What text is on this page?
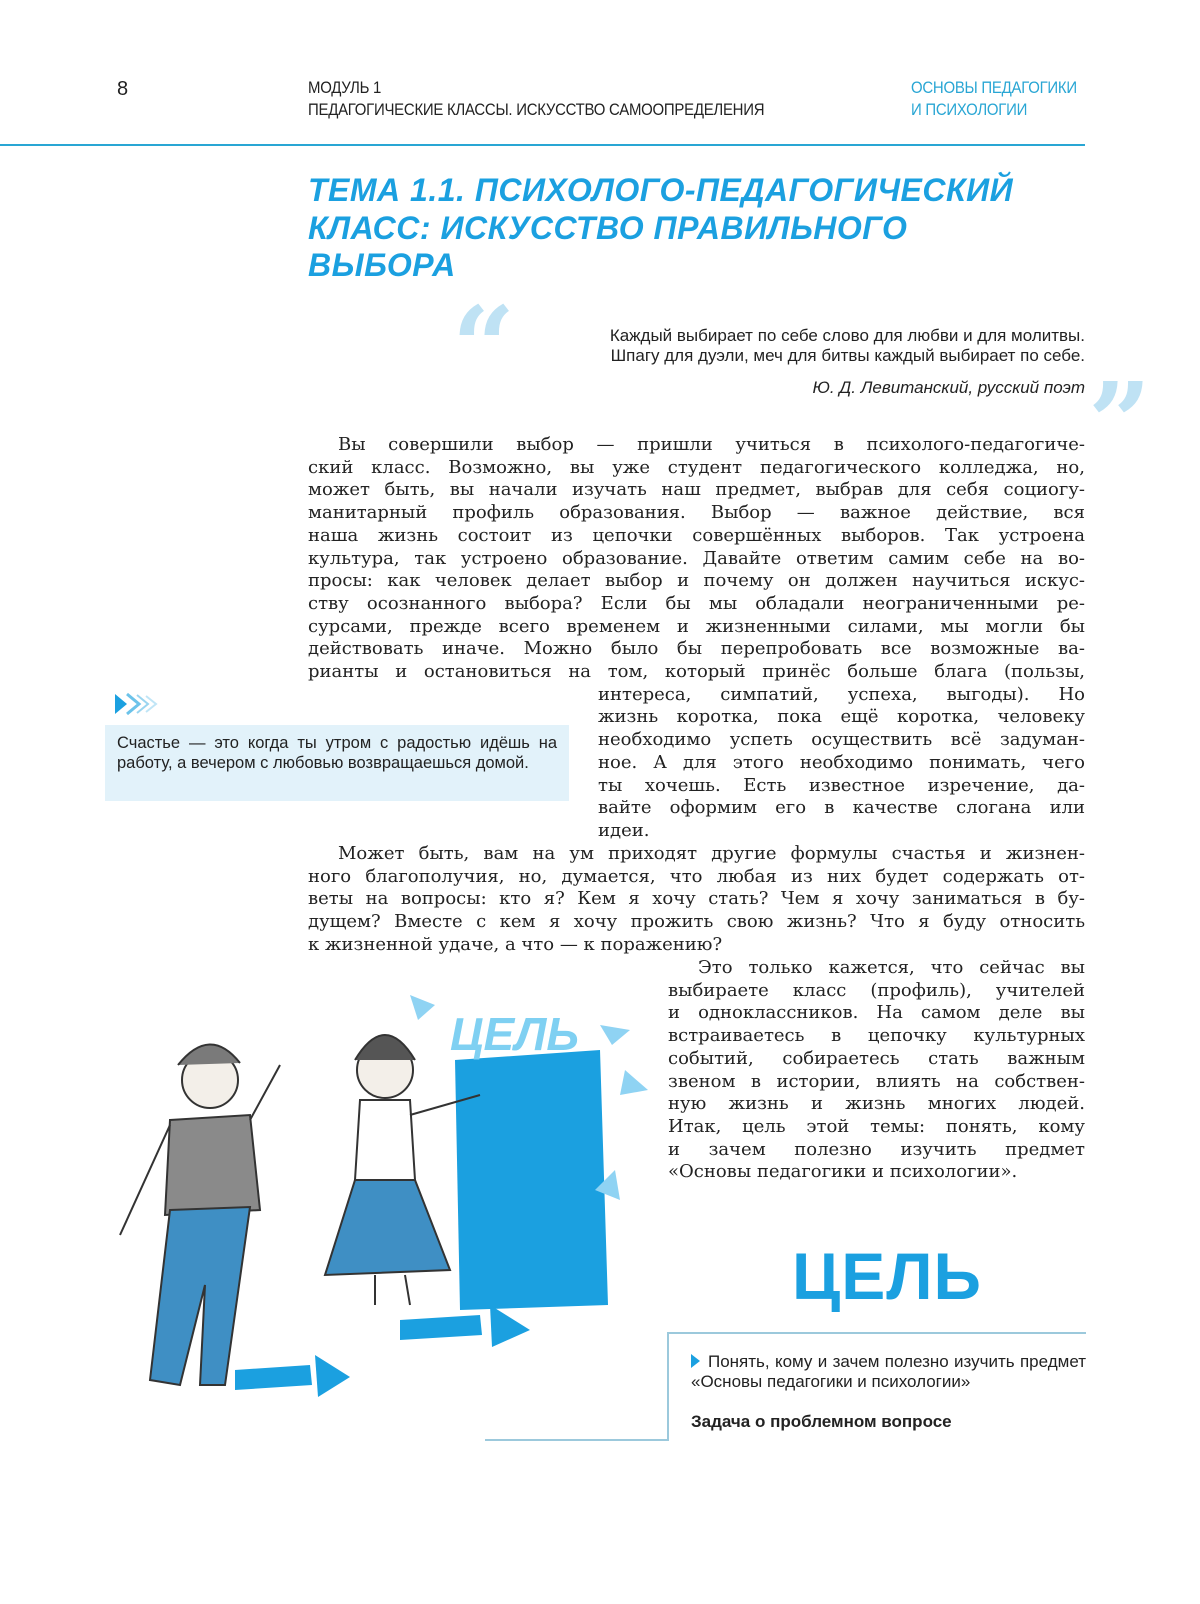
8	МОДУЛЬ 1
ПЕДАГОГИЧЕСКИЕ КЛАССЫ. ИСКУССТВО САМООПРЕДЕЛЕНИЯ
ОСНОВЫ ПЕДАГОГИКИ
И ПСИХОЛОГИИ
ТЕМА 1.1. ПСИХОЛОГО-ПЕДАГОГИЧЕСКИЙ
КЛАСС: ИСКУССТВО ПРАВИЛЬНОГО
ВЫБОРА
“
”
Каждый выбирает по себе слово для любви и для молитвы.
Шпагу для дуэли, меч для битвы каждый выбирает по себе.
Ю. Д. Левитанский, русский поэт
Вы совершили выбор — пришли учиться в психолого-педагогиче-
ский класс. Возможно, вы уже студент педагогического колледжа, но,
может быть, вы начали изучать наш предмет, выбрав для себя социогу-
манитарный профиль образования. Выбор — важное действие, вся
наша жизнь состоит из цепочки совершённых выборов. Так устроена
культура, так устроено образование. Давайте ответим самим себе на во-
просы: как человек делает выбор и почему он должен научиться искус-
ству осознанного выбора? Если бы мы обладали неограниченными ре-
сурсами, прежде всего временем и жизненными силами, мы могли бы
действовать иначе. Можно было бы перепробовать все возможные ва-
рианты и остановиться на том, который принёс больше блага (пользы,
интереса, симпатий, успеха, выгоды). Но
жизнь коротка, пока ещё коротка, человеку
необходимо успеть осуществить всё задуман-
ное. А для этого необходимо понимать, чего
ты хочешь. Есть известное изречение, да-
вайте оформим его в качестве слогана или
идеи.
Может быть, вам на ум приходят другие формулы счастья и жизнен-
ного благополучия, но, думается, что любая из них будет содержать от-
веты на вопросы: кто я? Кем я хочу стать? Чем я хочу заниматься в бу-
дущем? Вместе с кем я хочу прожить свою жизнь? Что я буду относить
к жизненной удаче, а что — к поражению?
Это только кажется, что сейчас вы
выбираете класс (профиль), учителей
и одноклассников. На самом деле вы
встраиваетесь в цепочку культурных
событий, собираетесь стать важным
звеном в истории, влиять на собствен-
ную жизнь и жизнь многих людей.
Итак, цель этой темы: понять, кому
и зачем полезно изучить предмет
«Основы педагогики и психологии».
Счастье — это когда ты утром с радостью идёшь на работу, а вечером с любовью возвращаешься домой.
ЦЕЛЬ
ЦЕЛЬ
Понять, кому и зачем полезно изучить предмет «Основы педагогики и психологии»
Задача о проблемном вопросе
